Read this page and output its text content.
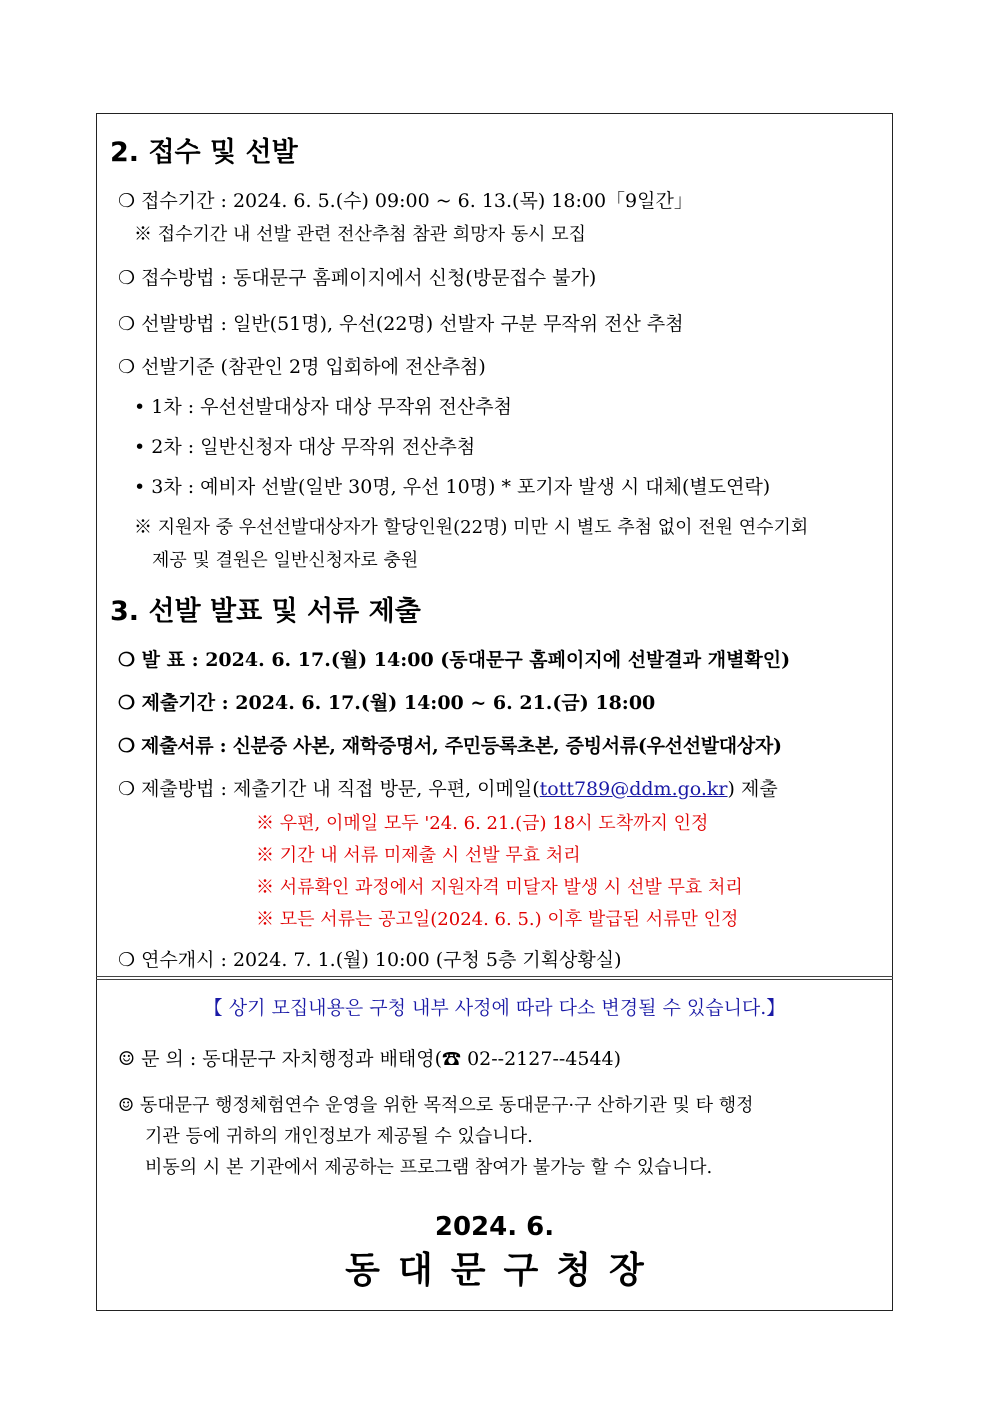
2. 접수 및 선발
❍ 접수기간 : 2024. 6. 5.(수) 09:00 ~ 6. 13.(목) 18:00「9일간」
※ 접수기간 내 선발 관련 전산추첨 참관 희망자 동시 모집
❍ 접수방법 : 동대문구 홈페이지에서 신청(방문접수 불가)
❍ 선발방법 : 일반(51명), 우선(22명) 선발자 구분 무작위 전산 추첨
❍ 선발기준 (참관인 2명 입회하에 전산추첨)
• 1차 : 우선선발대상자 대상 무작위 전산추첨
• 2차 : 일반신청자 대상 무작위 전산추첨
• 3차 : 예비자 선발(일반 30명, 우선 10명) * 포기자 발생 시 대체(별도연락)
※ 지원자 중 우선선발대상자가 할당인원(22명) 미만 시 별도 추첨 없이 전원 연수기회
제공 및 결원은 일반신청자로 충원
3. 선발 발표 및 서류 제출
❍ 발 표 : 2024. 6. 17.(월) 14:00 (동대문구 홈페이지에 선발결과 개별확인)
❍ 제출기간 : 2024. 6. 17.(월) 14:00 ~ 6. 21.(금) 18:00
❍ 제출서류 : 신분증 사본, 재학증명서, 주민등록초본, 증빙서류(우선선발대상자)
❍ 제출방법 : 제출기간 내 직접 방문, 우편, 이메일(tott789@ddm.go.kr) 제출
※ 우편, 이메일 모두 '24. 6. 21.(금) 18시 도착까지 인정
※ 기간 내 서류 미제출 시 선발 무효 처리
※ 서류확인 과정에서 지원자격 미달자 발생 시 선발 무효 처리
※ 모든 서류는 공고일(2024. 6. 5.) 이후 발급된 서류만 인정
❍ 연수개시 : 2024. 7. 1.(월) 10:00 (구청 5층 기획상황실)
【 상기 모집내용은 구청 내부 사정에 따라 다소 변경될 수 있습니다.】
☺ 문 의 : 동대문구 자치행정과 배태영(☎ 02--2127--4544)
☺ 동대문구 행정체험연수 운영을 위한 목적으로 동대문구·구 산하기관 및 타 행정
기관 등에 귀하의 개인정보가 제공될 수 있습니다.
비동의 시 본 기관에서 제공하는 프로그램 참여가 불가능 할 수 있습니다.
2024. 6.
동대문구청장
